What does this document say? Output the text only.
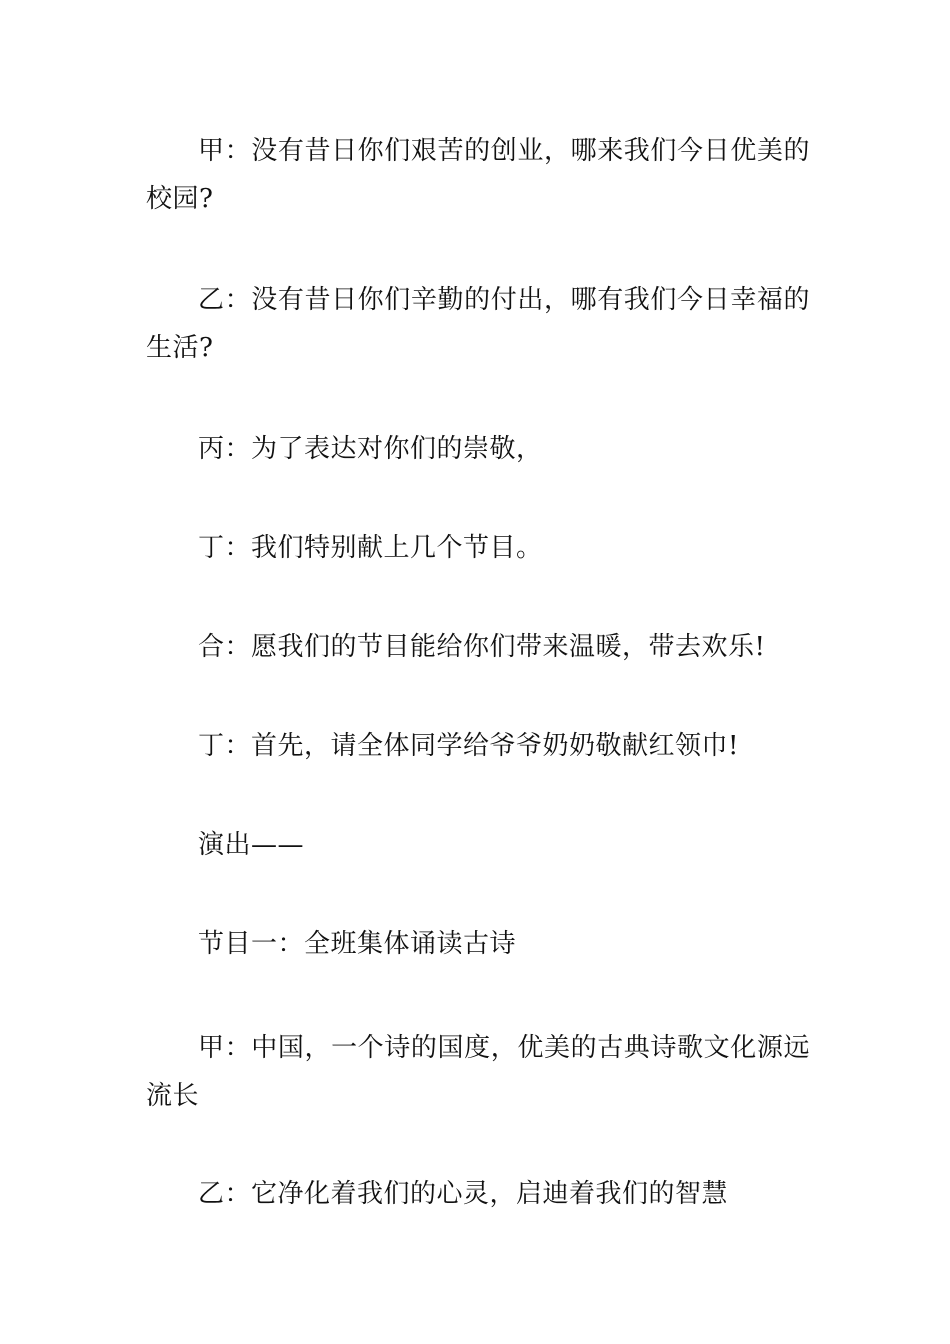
甲：没有昔日你们艰苦的创业，哪来我们今日优美的校园?

乙：没有昔日你们辛勤的付出，哪有我们今日幸福的生活?

丙：为了表达对你们的崇敬，

丁：我们特别献上几个节目。

合：愿我们的节目能给你们带来温暖，带去欢乐!

丁：首先，请全体同学给爷爷奶奶敬献红领巾!

演出——

节目一：全班集体诵读古诗

甲：中国，一个诗的国度，优美的古典诗歌文化源远流长

乙：它净化着我们的心灵，启迪着我们的智慧
